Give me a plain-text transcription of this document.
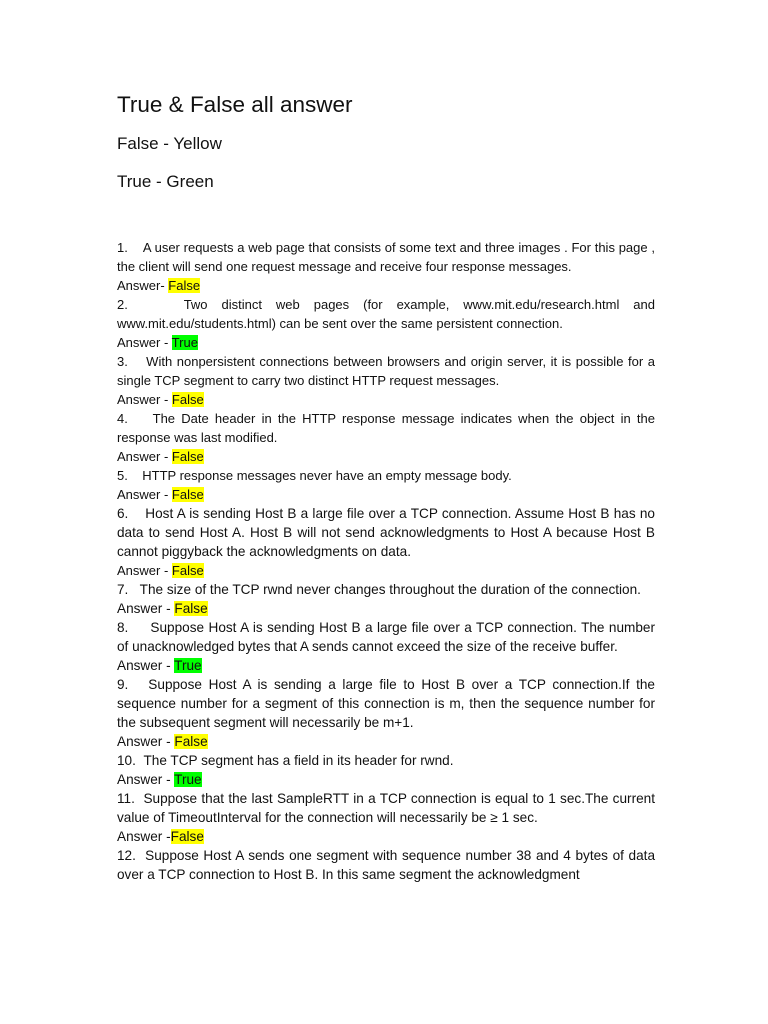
True & False all answer

False - Yellow

True - Green

1.    A user requests a web page that consists of some text and three images . For this page , the client will send one request message and receive four response messages.
Answer- False
2.    Two distinct web pages (for example, www.mit.edu/research.html and www.mit.edu/students.html) can be sent over the same persistent connection.
Answer - True
3.    With nonpersistent connections between browsers and origin server, it is possible for a single TCP segment to carry two distinct HTTP request messages.
Answer - False
4.    The Date header in the HTTP response message indicates when the object in the response was last modified.
Answer - False
5.    HTTP response messages never have an empty message body.
Answer - False
6.    Host A is sending Host B a large file over a TCP connection. Assume Host B has no data to send Host A. Host B will not send acknowledgments to Host A because Host B cannot piggyback the acknowledgments on data.
Answer - False
7.   The size of the TCP rwnd never changes throughout the duration of the connection.
Answer - False
8.     Suppose Host A is sending Host B a large file over a TCP connection. The number of unacknowledged bytes that A sends cannot exceed the size of the receive buffer.
Answer - True
9.   Suppose Host A is sending a large file to Host B over a TCP connection.If the sequence number for a segment of this connection is m, then the sequence number for the subsequent segment will necessarily be m+1.
Answer - False
10.  The TCP segment has a field in its header for rwnd.
Answer - True
11.  Suppose that the last SampleRTT in a TCP connection is equal to 1 sec.The current value of TimeoutInterval for the connection will necessarily be ≥ 1 sec.
Answer -False
12.  Suppose Host A sends one segment with sequence number 38 and 4 bytes of data over a TCP connection to Host B. In this same segment the acknowledgment
